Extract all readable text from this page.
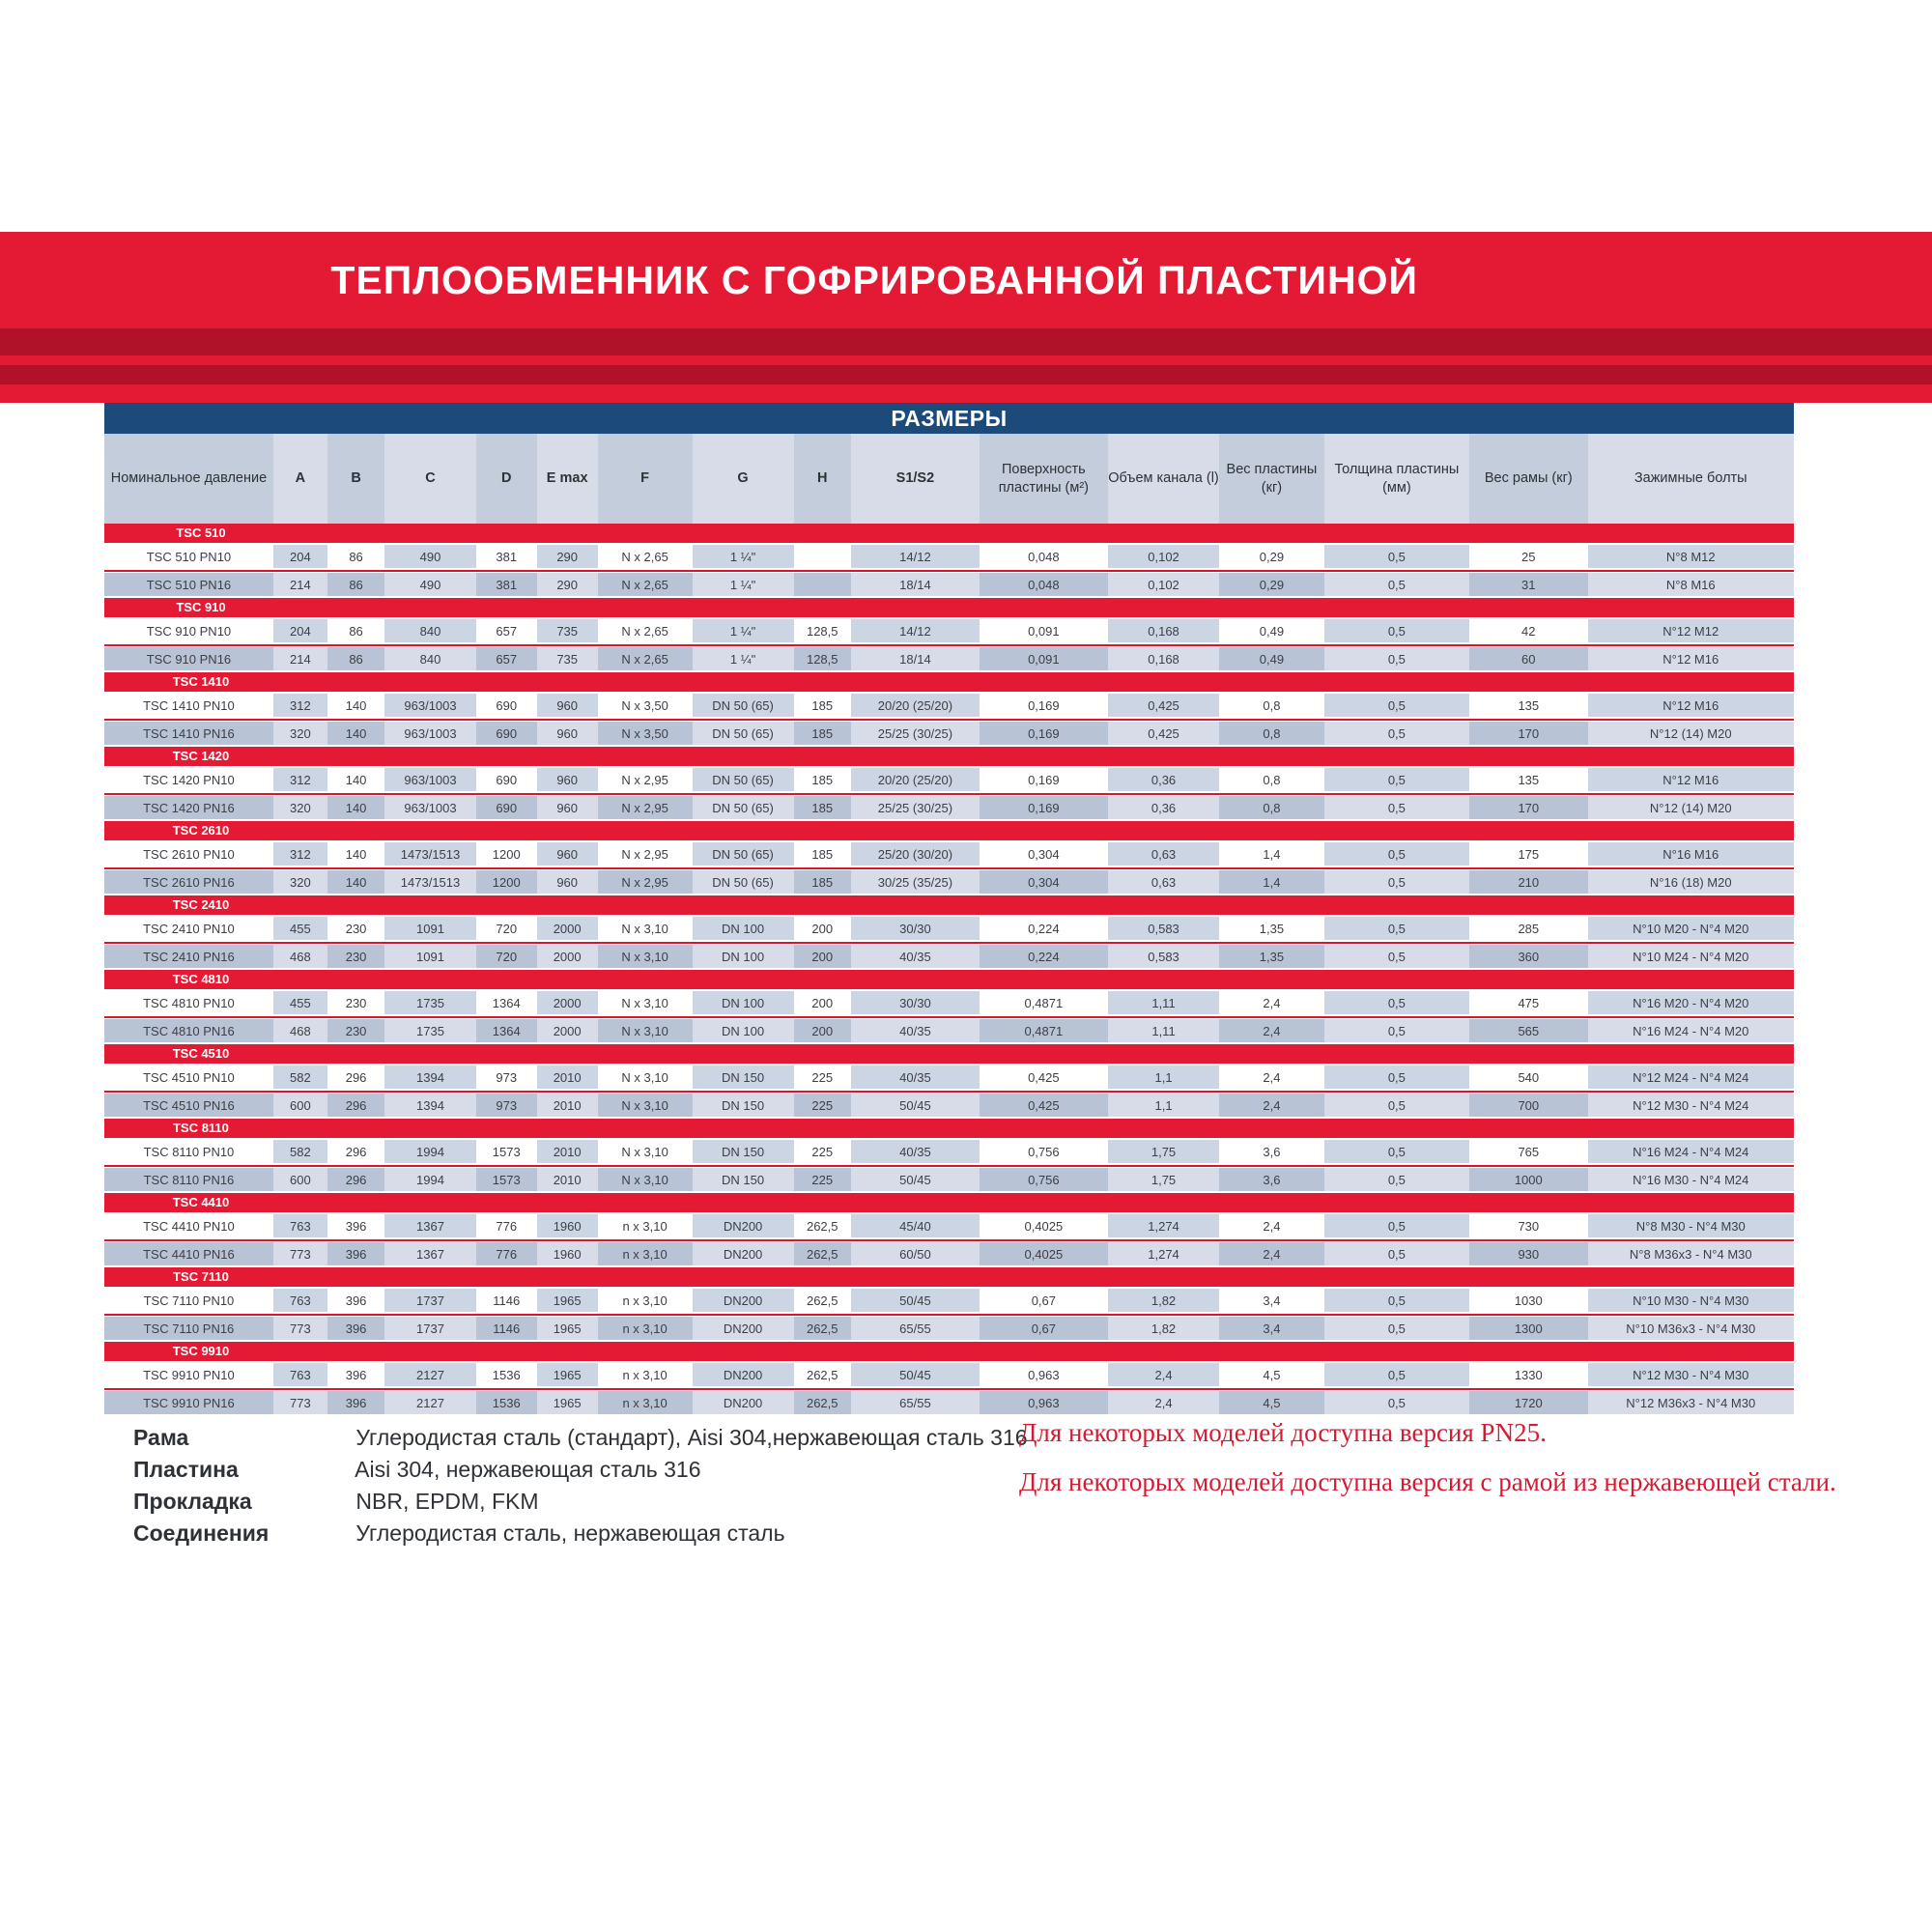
ТЕПЛООБМЕННИК С ГОФРИРОВАННОЙ ПЛАСТИНОЙ
РАЗМЕРЫ
Номинальное давление	A	B	C	D	E max	F	G	H	S1/S2	Поверхность пластины (м²)	Объем канала (l)	Вес пластины (кг)	Толщина пластины (мм)	Вес рамы (кг)	Зажимные болты
TSC 510															

TSC 510 PN10	204	86	490	381	290	N x 2,65	1 ¼"		14/12	0,048	0,102	0,29	0,5	25	N°8 M12

TSC 510 PN16	214	86	490	381	290	N x 2,65	1 ¼"		18/14	0,048	0,102	0,29	0,5	31	N°8 M16

TSC 910															

TSC 910 PN10	204	86	840	657	735	N x 2,65	1 ¼"	128,5	14/12	0,091	0,168	0,49	0,5	42	N°12 M12

TSC 910 PN16	214	86	840	657	735	N x 2,65	1 ¼"	128,5	18/14	0,091	0,168	0,49	0,5	60	N°12 M16

TSC 1410															

TSC 1410 PN10	312	140	963/1003	690	960	N x 3,50	DN 50 (65)	185	20/20 (25/20)	0,169	0,425	0,8	0,5	135	N°12 M16

TSC 1410 PN16	320	140	963/1003	690	960	N x 3,50	DN 50 (65)	185	25/25 (30/25)	0,169	0,425	0,8	0,5	170	N°12 (14) M20

TSC 1420															

TSC 1420 PN10	312	140	963/1003	690	960	N x 2,95	DN 50 (65)	185	20/20 (25/20)	0,169	0,36	0,8	0,5	135	N°12 M16

TSC 1420 PN16	320	140	963/1003	690	960	N x 2,95	DN 50 (65)	185	25/25 (30/25)	0,169	0,36	0,8	0,5	170	N°12 (14) M20

TSC 2610															

TSC 2610 PN10	312	140	1473/1513	1200	960	N x 2,95	DN 50 (65)	185	25/20 (30/20)	0,304	0,63	1,4	0,5	175	N°16 M16

TSC 2610 PN16	320	140	1473/1513	1200	960	N x 2,95	DN 50 (65)	185	30/25 (35/25)	0,304	0,63	1,4	0,5	210	N°16 (18) M20

TSC 2410															

TSC 2410 PN10	455	230	1091	720	2000	N x 3,10	DN 100	200	30/30	0,224	0,583	1,35	0,5	285	N°10 M20 - N°4 M20

TSC 2410 PN16	468	230	1091	720	2000	N x 3,10	DN 100	200	40/35	0,224	0,583	1,35	0,5	360	N°10 M24 - N°4 M20

TSC 4810															

TSC 4810 PN10	455	230	1735	1364	2000	N x 3,10	DN 100	200	30/30	0,4871	1,11	2,4	0,5	475	N°16 M20 - N°4 M20

TSC 4810 PN16	468	230	1735	1364	2000	N x 3,10	DN 100	200	40/35	0,4871	1,11	2,4	0,5	565	N°16 M24 - N°4 M20

TSC 4510															

TSC 4510 PN10	582	296	1394	973	2010	N x 3,10	DN 150	225	40/35	0,425	1,1	2,4	0,5	540	N°12 M24 - N°4 M24

TSC 4510 PN16	600	296	1394	973	2010	N x 3,10	DN 150	225	50/45	0,425	1,1	2,4	0,5	700	N°12 M30 - N°4 M24

TSC 8110															

TSC 8110 PN10	582	296	1994	1573	2010	N x 3,10	DN 150	225	40/35	0,756	1,75	3,6	0,5	765	N°16 M24 - N°4 M24

TSC 8110 PN16	600	296	1994	1573	2010	N x 3,10	DN 150	225	50/45	0,756	1,75	3,6	0,5	1000	N°16 M30 - N°4 M24

TSC 4410															

TSC 4410 PN10	763	396	1367	776	1960	n x 3,10	DN200	262,5	45/40	0,4025	1,274	2,4	0,5	730	N°8 M30 - N°4 M30

TSC 4410 PN16	773	396	1367	776	1960	n x 3,10	DN200	262,5	60/50	0,4025	1,274	2,4	0,5	930	N°8 M36x3 - N°4 M30

TSC 7110															

TSC 7110 PN10	763	396	1737	1146	1965	n x 3,10	DN200	262,5	50/45	0,67	1,82	3,4	0,5	1030	N°10 M30 - N°4 M30

TSC 7110 PN16	773	396	1737	1146	1965	n x 3,10	DN200	262,5	65/55	0,67	1,82	3,4	0,5	1300	N°10 M36x3 - N°4 M30

TSC 9910															

TSC 9910 PN10	763	396	2127	1536	1965	n x 3,10	DN200	262,5	50/45	0,963	2,4	4,5	0,5	1330	N°12 M30 - N°4 M30

TSC 9910 PN16	773	396	2127	1536	1965	n x 3,10	DN200	262,5	65/55	0,963	2,4	4,5	0,5	1720	N°12 M36x3 - N°4 M30

Рама	Углеродистая сталь (стандарт), Aisi 304,нержавеющая сталь 316
Пластина	Aisi 304, нержавеющая сталь 316
Прокладка	NBR, EPDM, FKM
Соединения	Углеродистая сталь, нержавеющая сталь

Для некоторых моделей доступна версия PN25.

Для некоторых моделей доступна версия с рамой из нержавеющей стали.
